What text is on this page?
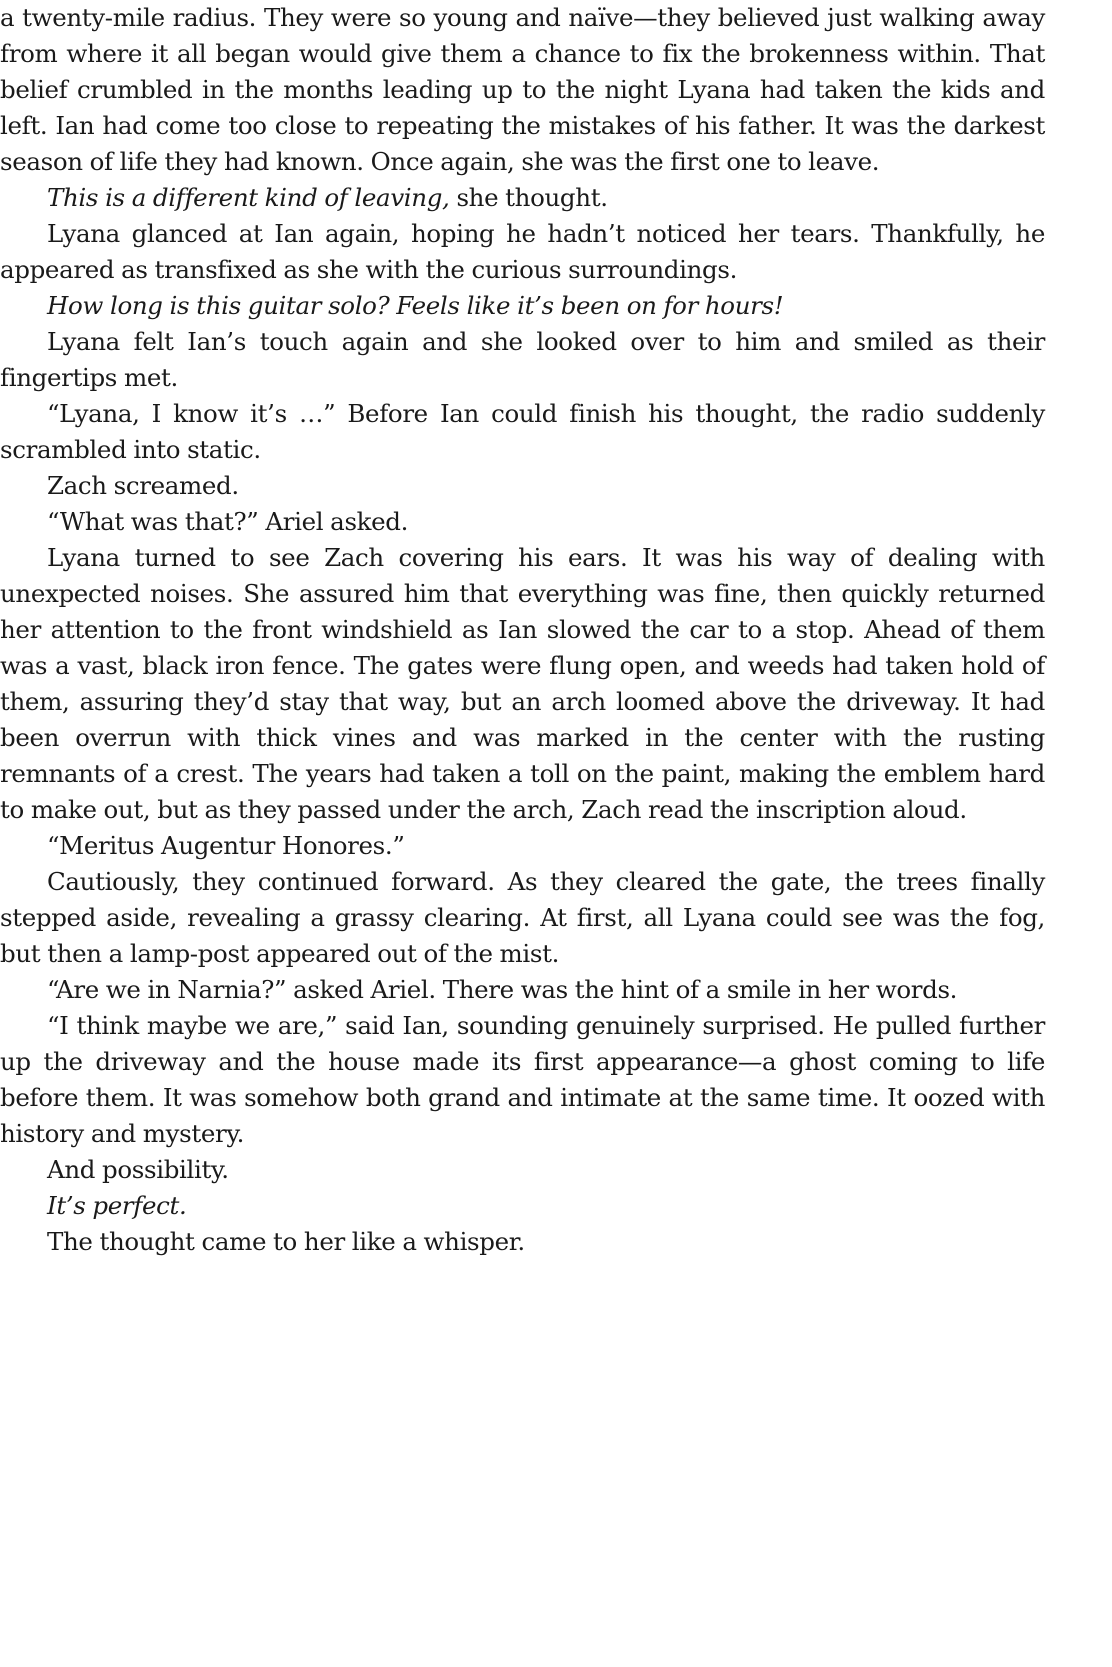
a twenty-mile radius. They were so young and naïve—they believed just walking away from where it all began would give them a chance to fix the brokenness within. That belief crumbled in the months leading up to the night Lyana had taken the kids and left. Ian had come too close to repeating the mistakes of his father. It was the darkest season of life they had known. Once again, she was the first one to leave.

This is a different kind of leaving, she thought.

Lyana glanced at Ian again, hoping he hadn’t noticed her tears. Thankfully, he appeared as transfixed as she with the curious surroundings.

How long is this guitar solo? Feels like it’s been on for hours!

Lyana felt Ian’s touch again and she looked over to him and smiled as their fingertips met.

“Lyana, I know it’s …” Before Ian could finish his thought, the radio suddenly scrambled into static.

Zach screamed.

“What was that?” Ariel asked.

Lyana turned to see Zach covering his ears. It was his way of dealing with unexpected noises. She assured him that everything was fine, then quickly returned her attention to the front windshield as Ian slowed the car to a stop. Ahead of them was a vast, black iron fence. The gates were flung open, and weeds had taken hold of them, assuring they’d stay that way, but an arch loomed above the driveway. It had been overrun with thick vines and was marked in the center with the rusting remnants of a crest. The years had taken a toll on the paint, making the emblem hard to make out, but as they passed under the arch, Zach read the inscription aloud.

“Meritus Augentur Honores.”

Cautiously, they continued forward. As they cleared the gate, the trees finally stepped aside, revealing a grassy clearing. At first, all Lyana could see was the fog, but then a lamp-post appeared out of the mist.

“Are we in Narnia?” asked Ariel. There was the hint of a smile in her words.

“I think maybe we are,” said Ian, sounding genuinely surprised. He pulled further up the driveway and the house made its first appearance—a ghost coming to life before them. It was somehow both grand and intimate at the same time. It oozed with history and mystery.

And possibility.

It’s perfect.

The thought came to her like a whisper.
